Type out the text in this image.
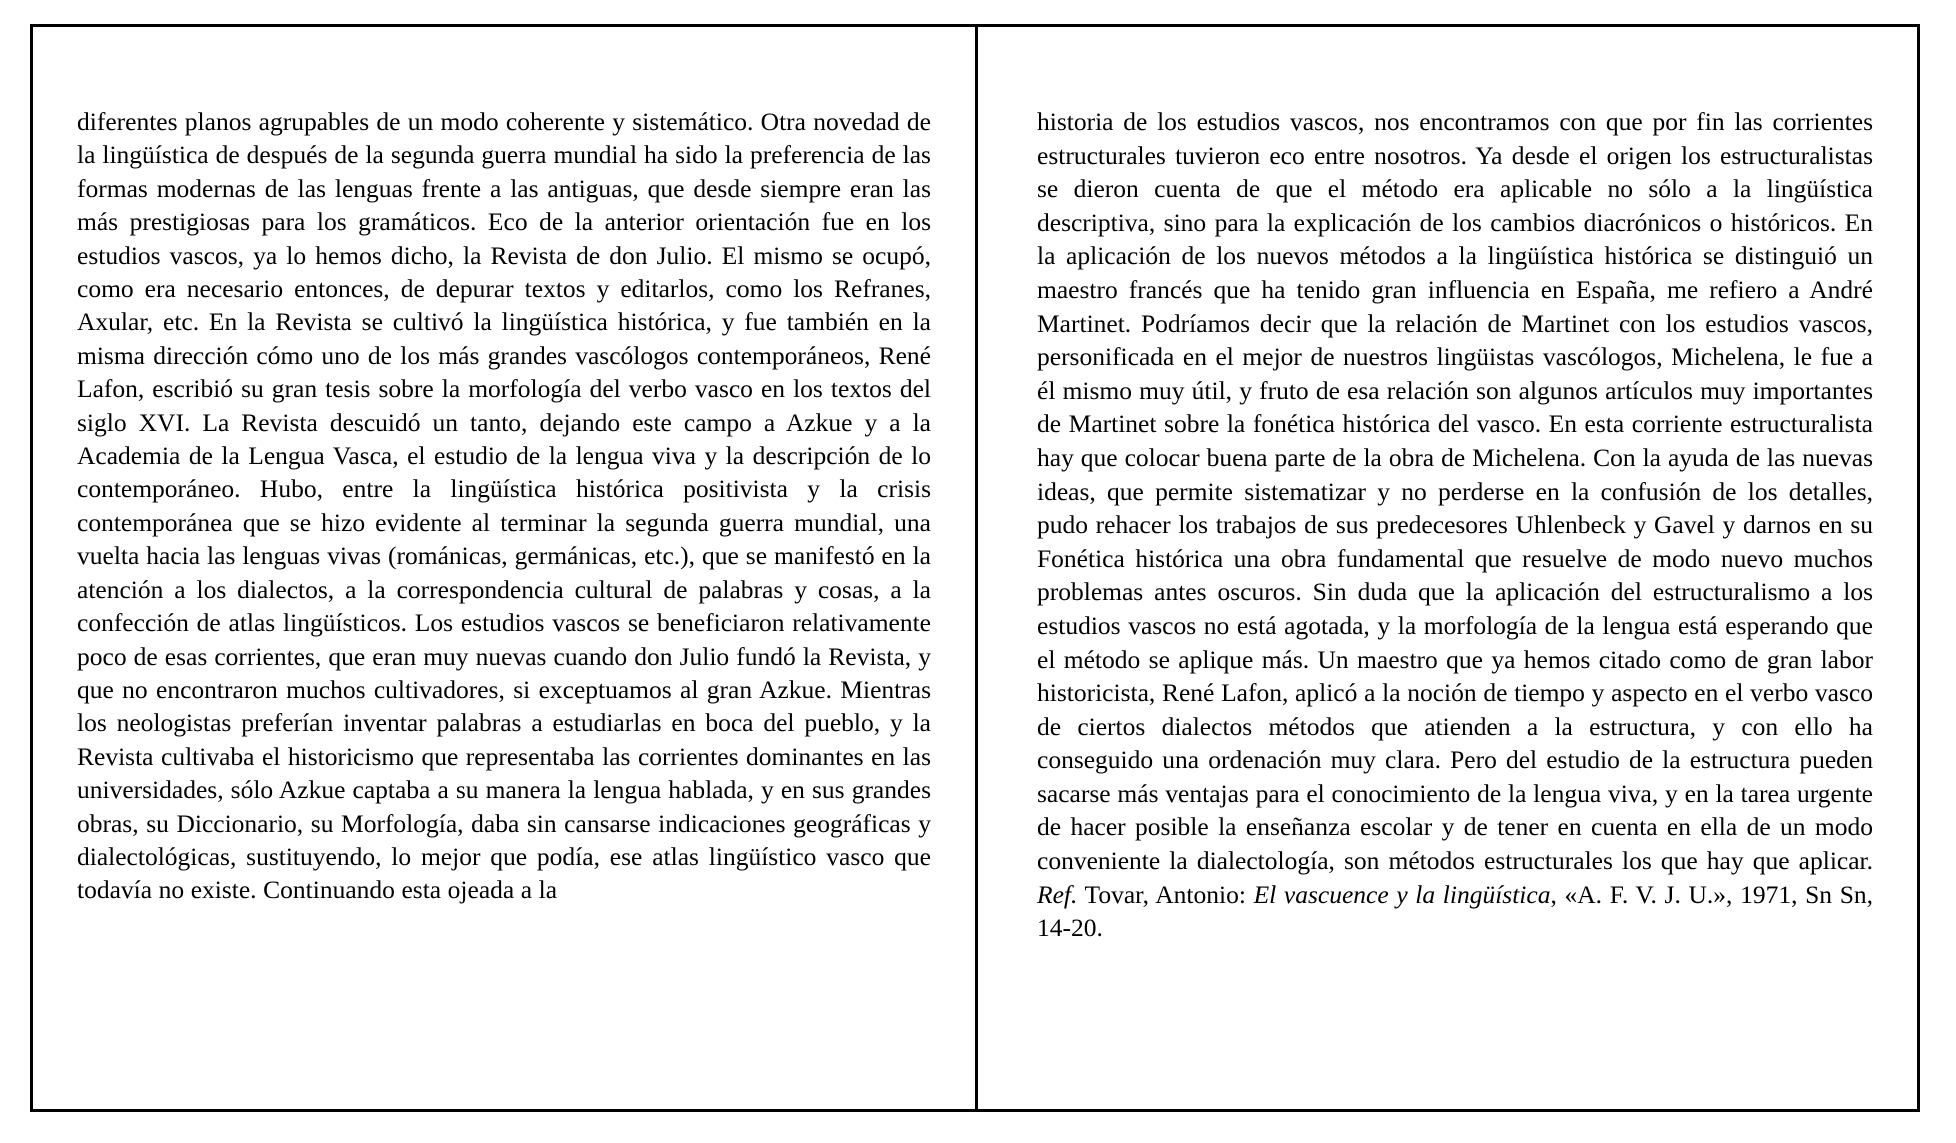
diferentes planos agrupables de un modo coherente y sistemático. Otra novedad de la lingüística de después de la segunda guerra mundial ha sido la preferencia de las formas modernas de las lenguas frente a las antiguas, que desde siempre eran las más prestigiosas para los gramáticos. Eco de la anterior orientación fue en los estudios vascos, ya lo hemos dicho, la Revista de don Julio. El mismo se ocupó, como era necesario entonces, de depurar textos y editarlos, como los Refranes, Axular, etc. En la Revista se cultivó la lingüística histórica, y fue también en la misma dirección cómo uno de los más grandes vascólogos contemporáneos, René Lafon, escribió su gran tesis sobre la morfología del verbo vasco en los textos del siglo XVI. La Revista descuidó un tanto, dejando este campo a Azkue y a la Academia de la Lengua Vasca, el estudio de la lengua viva y la descripción de lo contemporáneo. Hubo, entre la lingüística histórica positivista y la crisis contemporánea que se hizo evidente al terminar la segunda guerra mundial, una vuelta hacia las lenguas vivas (románicas, germánicas, etc.), que se manifestó en la atención a los dialectos, a la correspondencia cultural de palabras y cosas, a la confección de atlas lingüísticos. Los estudios vascos se beneficiaron relativamente poco de esas corrientes, que eran muy nuevas cuando don Julio fundó la Revista, y que no encontraron muchos cultivadores, si exceptuamos al gran Azkue. Mientras los neologistas preferían inventar palabras a estudiarlas en boca del pueblo, y la Revista cultivaba el historicismo que representaba las corrientes dominantes en las universidades, sólo Azkue captaba a su manera la lengua hablada, y en sus grandes obras, su Diccionario, su Morfología, daba sin cansarse indicaciones geográficas y dialectológicas, sustituyendo, lo mejor que podía, ese atlas lingüístico vasco que todavía no existe. Continuando esta ojeada a la
historia de los estudios vascos, nos encontramos con que por fin las corrientes estructurales tuvieron eco entre nosotros. Ya desde el origen los estructuralistas se dieron cuenta de que el método era aplicable no sólo a la lingüística descriptiva, sino para la explicación de los cambios diacrónicos o históricos. En la aplicación de los nuevos métodos a la lingüística histórica se distinguió un maestro francés que ha tenido gran influencia en España, me refiero a André Martinet. Podríamos decir que la relación de Martinet con los estudios vascos, personificada en el mejor de nuestros lingüistas vascólogos, Michelena, le fue a él mismo muy útil, y fruto de esa relación son algunos artículos muy importantes de Martinet sobre la fonética histórica del vasco. En esta corriente estructuralista hay que colocar buena parte de la obra de Michelena. Con la ayuda de las nuevas ideas, que permite sistematizar y no perderse en la confusión de los detalles, pudo rehacer los trabajos de sus predecesores Uhlenbeck y Gavel y darnos en su Fonética histórica una obra fundamental que resuelve de modo nuevo muchos problemas antes oscuros. Sin duda que la aplicación del estructuralismo a los estudios vascos no está agotada, y la morfología de la lengua está esperando que el método se aplique más. Un maestro que ya hemos citado como de gran labor historicista, René Lafon, aplicó a la noción de tiempo y aspecto en el verbo vasco de ciertos dialectos métodos que atienden a la estructura, y con ello ha conseguido una ordenación muy clara. Pero del estudio de la estructura pueden sacarse más ventajas para el conocimiento de la lengua viva, y en la tarea urgente de hacer posible la enseñanza escolar y de tener en cuenta en ella de un modo conveniente la dialectología, son métodos estructurales los que hay que aplicar. Ref. Tovar, Antonio: El vascuence y la lingüística, «A. F. V. J. U.», 1971, Sn Sn, 14-20.
